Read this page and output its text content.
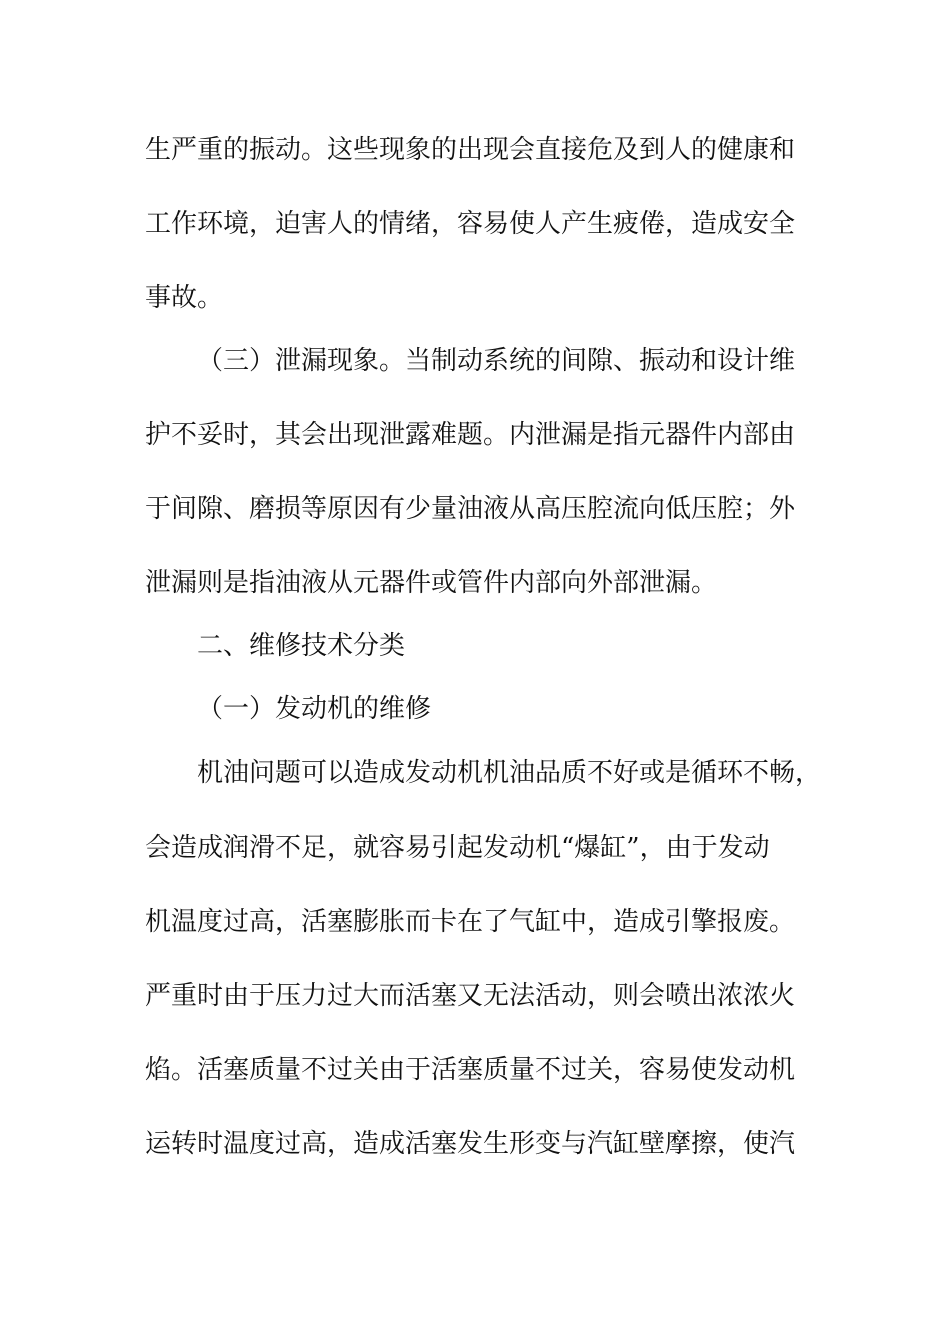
生严重的振动。这些现象的出现会直接危及到人的健康和
工作环境，迫害人的情绪，容易使人产生疲倦，造成安全
事故。
（三）泄漏现象。当制动系统的间隙、振动和设计维
护不妥时，其会出现泄露难题。内泄漏是指元器件内部由
于间隙、磨损等原因有少量油液从高压腔流向低压腔；外
泄漏则是指油液从元器件或管件内部向外部泄漏。
二、维修技术分类
（一）发动机的维修
机油问题可以造成发动机机油品质不好或是循环不畅，
会造成润滑不足，就容易引起发动机“爆缸”，由于发动
机温度过高，活塞膨胀而卡在了气缸中，造成引擎报废。
严重时由于压力过大而活塞又无法活动，则会喷出浓浓火
焰。活塞质量不过关由于活塞质量不过关，容易使发动机
运转时温度过高，造成活塞发生形变与汽缸壁摩擦，使汽
